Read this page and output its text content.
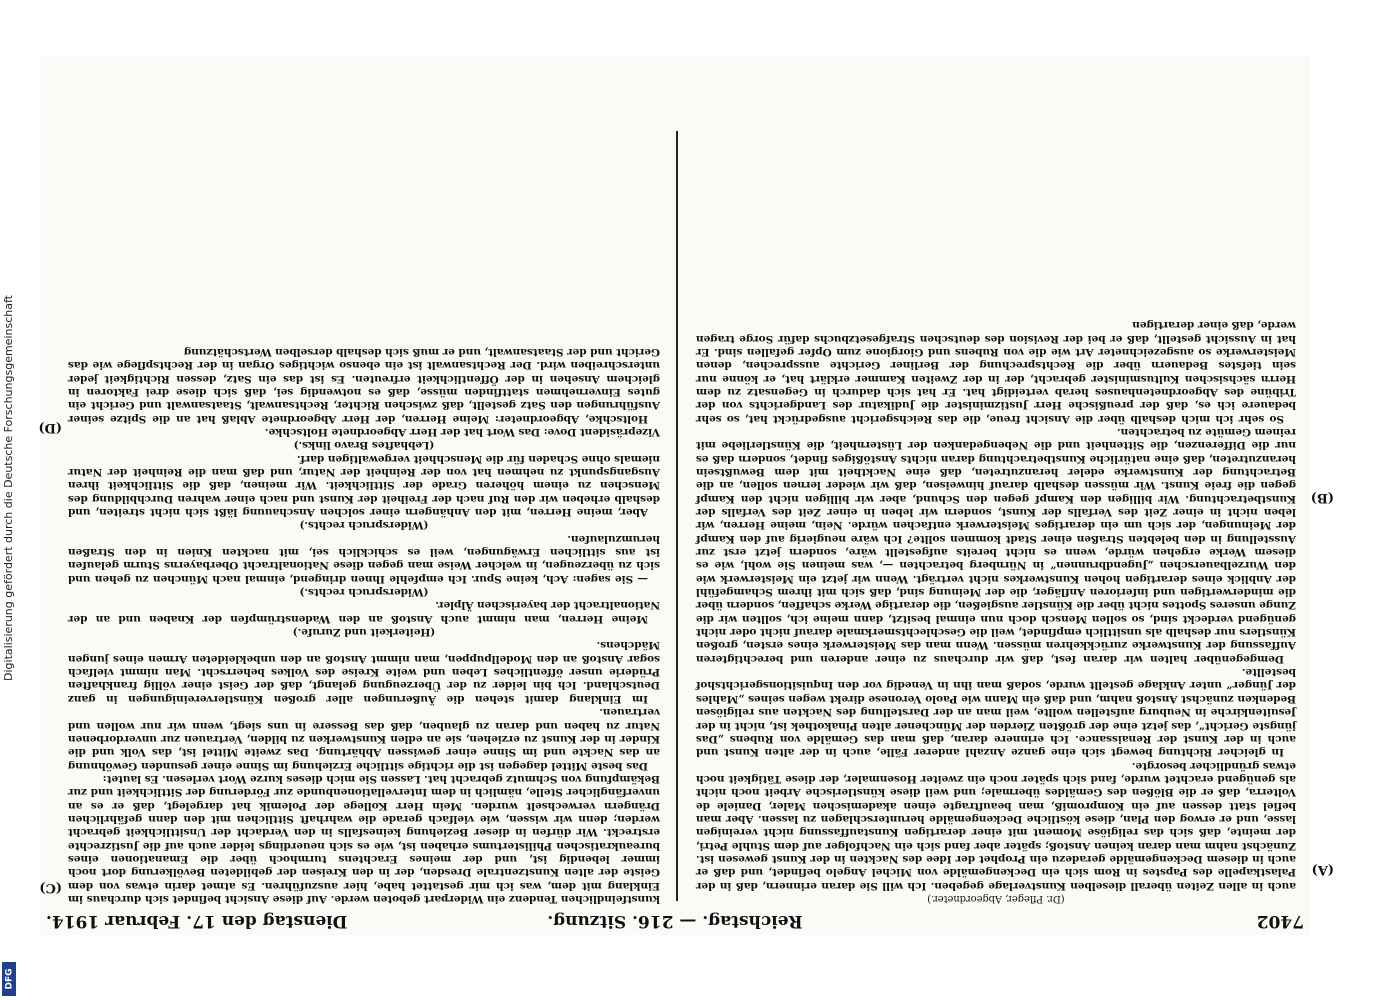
7402
Reichstag. — 216. Sitzung.
Dienstag den 17. Februar 1914.
(A)
(B)
(C)
(D)

(Dr. Pfleger, Abgeordneter.)

auch in allen Zeiten überall dieselben Kunstverlage gegeben. Ich will Sie daran erinnern, daß in der Palastkapelle des Papstes in Rom sich ein Deckengemälde von Michel Angelo befindet, und daß er auch in diesem Deckengemälde geradezu ein Prophet der Idee des Nackten in der Kunst gewesen ist. Zunächst nahm man daran keinen Anstoß; später aber fand sich ein Nachfolger auf dem Stuhle Petri, der meinte, daß sich das religiöse Moment mit einer derartigen Kunstauffassung nicht vereinigen lasse, und er erwog den Plan, diese köstliche Deckengemälde herunterschlagen zu lassen. Aber man befiel statt dessen auf ein Kompromiß, man beauftragte einen akademischen Maler, Daniele de Volterra, daß er die Blößen des Gemäldes übermale; und weil diese künstlerische Arbeit noch nicht als genügend erachtet wurde, fand sich später noch ein zweiter Hosenmaler, der diese Tätigkeit noch etwas gründlicher besorgte.

In gleicher Richtung bewegt sich eine ganze Anzahl anderer Fälle, auch in der alten Kunst und auch in der Kunst der Renaissance. Ich erinnere daran, daß man das Gemälde von Rubens „Das jüngste Gericht“, das jetzt eine der größten Zierden der Münchener alten Pinakothek ist, nicht in der Jesuitenkirche in Neuburg aufstellen wollte, weil man an der Darstellung des Nackten aus religiösen Bedenken zunächst Anstoß nahm, und daß ein Mann wie Paolo Veronese direkt wegen seines „Mahles der Jünger“ unter Anklage gestellt wurde, sodaß man ihn in Venedig vor den Inquisitionsgerichtshof bestellte.

Demgegenüber halten wir daran fest, daß wir durchaus zu einer anderen und berechtigteren Auffassung der Kunstwerke zurückkehren müssen. Wenn man das Meisterwerk eines ersten, großen Künstlers nur deshalb als unsittlich empfindet, weil die Geschlechtsmerkmale darauf nicht oder nicht genügend verdeckt sind, so sollen Mensch doch nun einmal besitzt, dann meine ich, sollten wir die Zunge unseres Spottes nicht über die Künstler ausgießen, die derartige Werke schaffen, sondern über die minderwertigen und inferioren Anfläger, die der Meinung sind, daß sich mit ihrem Schamgefühl der Anblick eines derartigen hohen Kunstwerkes nicht verträgt. Wenn wir jetzt ein Meisterwerk wie den Wurzelbauerschen „Jugendbrunnen“ in Nürnberg betrachten —, was meinen Sie wohl, wie es diesem Werke ergehen würde, wenn es nicht bereits aufgestellt wäre, sondern jetzt erst zur Ausstellung in den belebten Straßen einer Stadt kommen sollte? Ich wäre neugierig auf den Kampf der Meinungen, der sich um ein derartiges Meisterwerk entfachen würde. Nein, meine Herren, wir leben nicht in einer Zeit des Verfalls der Kunst, sondern wir leben in einer Zeit des Verfalls der Kunstbetrachtung. Wir billigen den Kampf gegen den Schund, aber wir billigen nicht den Kampf gegen die freie Kunst. Wir müssen deshalb darauf hinweisen, daß wir wieder lernen sollen, an die Betrachtung der Kunstwerke edeler heranzutreten, daß eine Nacktheit mit dem Bewußtsein heranzutreten, daß eine natürliche Kunstbetrachtung daran nichts Anstößiges findet, sondern daß es nur die Differenzen, die Sittenheit und die Nebengedanken der Lüsternheit, die Künstlerliebe mit reinem Gemüte zu betrachten.

So sehr ich mich deshalb über die Ansicht freue, die das Reichsgericht ausgedrückt hat, so sehr bedauere ich es, daß der preußische Herr Justizminister die Judikatur des Landgerichts von der Tribüne des Abgeordnetenhauses herab verteidigt hat. Er hat sich dadurch in Gegensatz zu dem Herrn sächsischen Kultusminister gebracht, der in der Zweiten Kammer erklärt hat, er könne nur sein tiefstes Bedauern über die Rechtsprechung der Berliner Gerichte aussprechen, denen Meisterwerke so ausgezeichneter Art wie die von Rubens und Giorgione zum Opfer gefallen sind. Er hat in Aussicht gestellt, daß er bei der Revision des deutschen Strafgesetzbuchs dafür Sorge tragen werde, daß einer derartigen

kunstfeindlichen Tendenz ein Widerpart geboten werde. Auf diese Ansicht befindet sich durchaus im Einklang mit dem, was ich mir gestattet habe, hier auszuführen. Es atmet darin etwas von dem Geiste der alten Kunstzentrale Dresden, der in den Kreisen der gebildeten Bevölkerung dort noch immer lebendig ist, und der meines Erachtens turmhoch über die Emanationen eines bureaukratischen Philistertums erhaben ist, wie es sich neuerdings leider auch auf die Justizrechte erstreckt. Wir dürfen in dieser Beziehung keinesfalls in den Verdacht der Unsittlichkeit gebracht werden; denn wir wissen, wie vielfach gerade die wahrhaft Sittlichen mit den dann gefährlichen Drängern verwechselt wurden. Mein Herr Kollege der Polemik hat dargelegt, daß er es an unverfänglicher Stelle, nämlich in dem Intervellationenbunde zur Förderung der Sittlichkeit und zur Bekämpfung von Schmutz gebracht hat. Lassen Sie mich dieses kurze Wort verlesen. Es lautet:

Das beste Mittel dagegen ist die richtige sittliche Erziehung im Sinne einer gesunden Gewöhnung an das Nackte und im Sinne einer gewissen Abhärtung. Das zweite Mittel ist, das Volk und die Kinder in der Kunst zu erziehen, sie an edlen Kunstwerken zu bilden, Vertrauen zur unverdorbenen Natur zu haben und daran zu glauben, daß das Bessere in uns siegt, wenn wir nur wollen und vertrauen.

Im Einklang damit stehen die Äußerungen aller großen Künstlervereinigungen in ganz Deutschland. Ich bin leider zu der Überzeugung gelangt, daß der Geist einer völlig frankhaften Prüderie unser öffentliches Leben und weite Kreise des Volkes beherrscht. Man nimmt vielfach sogar Anstoß an den Modellpuppen, man nimmt Anstoß an den unbekleideten Armen eines jungen Mädchens.

(Heiterkeit und Zurufe.)

Meine Herren, man nimmt auch Anstoß an den Wadenstrümpfen der Knaben und an der Nationaltracht der bayerischen Älpler.

(Widerspruch rechts.)

— Sie sagen: Ach, keine Spur. Ich empfehle Ihnen dringend, einmal nach München zu gehen und sich zu überzeugen, in welcher Weise man gegen diese Nationaltracht Oberbayerns Sturm gelaufen ist aus sittlichen Erwägungen, weil es schicklich sei, mit nackten Knien in den Straßen herumzulaufen.

(Widerspruch rechts.)

Aber, meine Herren, mit den Anhängern einer solchen Anschauung läßt sich nicht streiten, und deshalb erheben wir den Ruf nach der Freiheit der Kunst und nach einer wahren Durchbildung des Menschen zu einem höheren Grade der Sittlichkeit. Wir meinen, daß die Sittlichkeit ihren Ausgangspunkt zu nehmen hat von der Reinheit der Natur, und daß man die Reinheit der Natur niemals ohne Schaden für die Menschheit vergewaltigen darf.

(Lebhaftes Bravo links.)

Vizepräsident Dove: Das Wort hat der Herr Abgeordnete Holtschke.

Holtschke, Abgeordneter: Meine Herren, der Herr Abgeordnete Ablaß hat an die Spitze seiner Ausführungen den Satz gestellt, daß zwischen Richter, Rechtsanwalt, Staatsanwalt und Gericht ein gutes Einvernehmen stattfinden müsse, daß es notwendig sei, daß sich diese drei Faktoren in gleichem Ansehen in der Öffentlichkeit erfreuten. Es ist das ein Satz, dessen Richtigkeit jeder unterschreiben wird. Der Rechtsanwalt ist ein ebenso wichtiges Organ in der Rechtspflege wie das Gericht und der Staatsanwalt, und er muß sich deshalb derselben Wertschätzung

Digitalisierung gefördert durch die Deutsche Forschungsgemeinschaft
DFG
